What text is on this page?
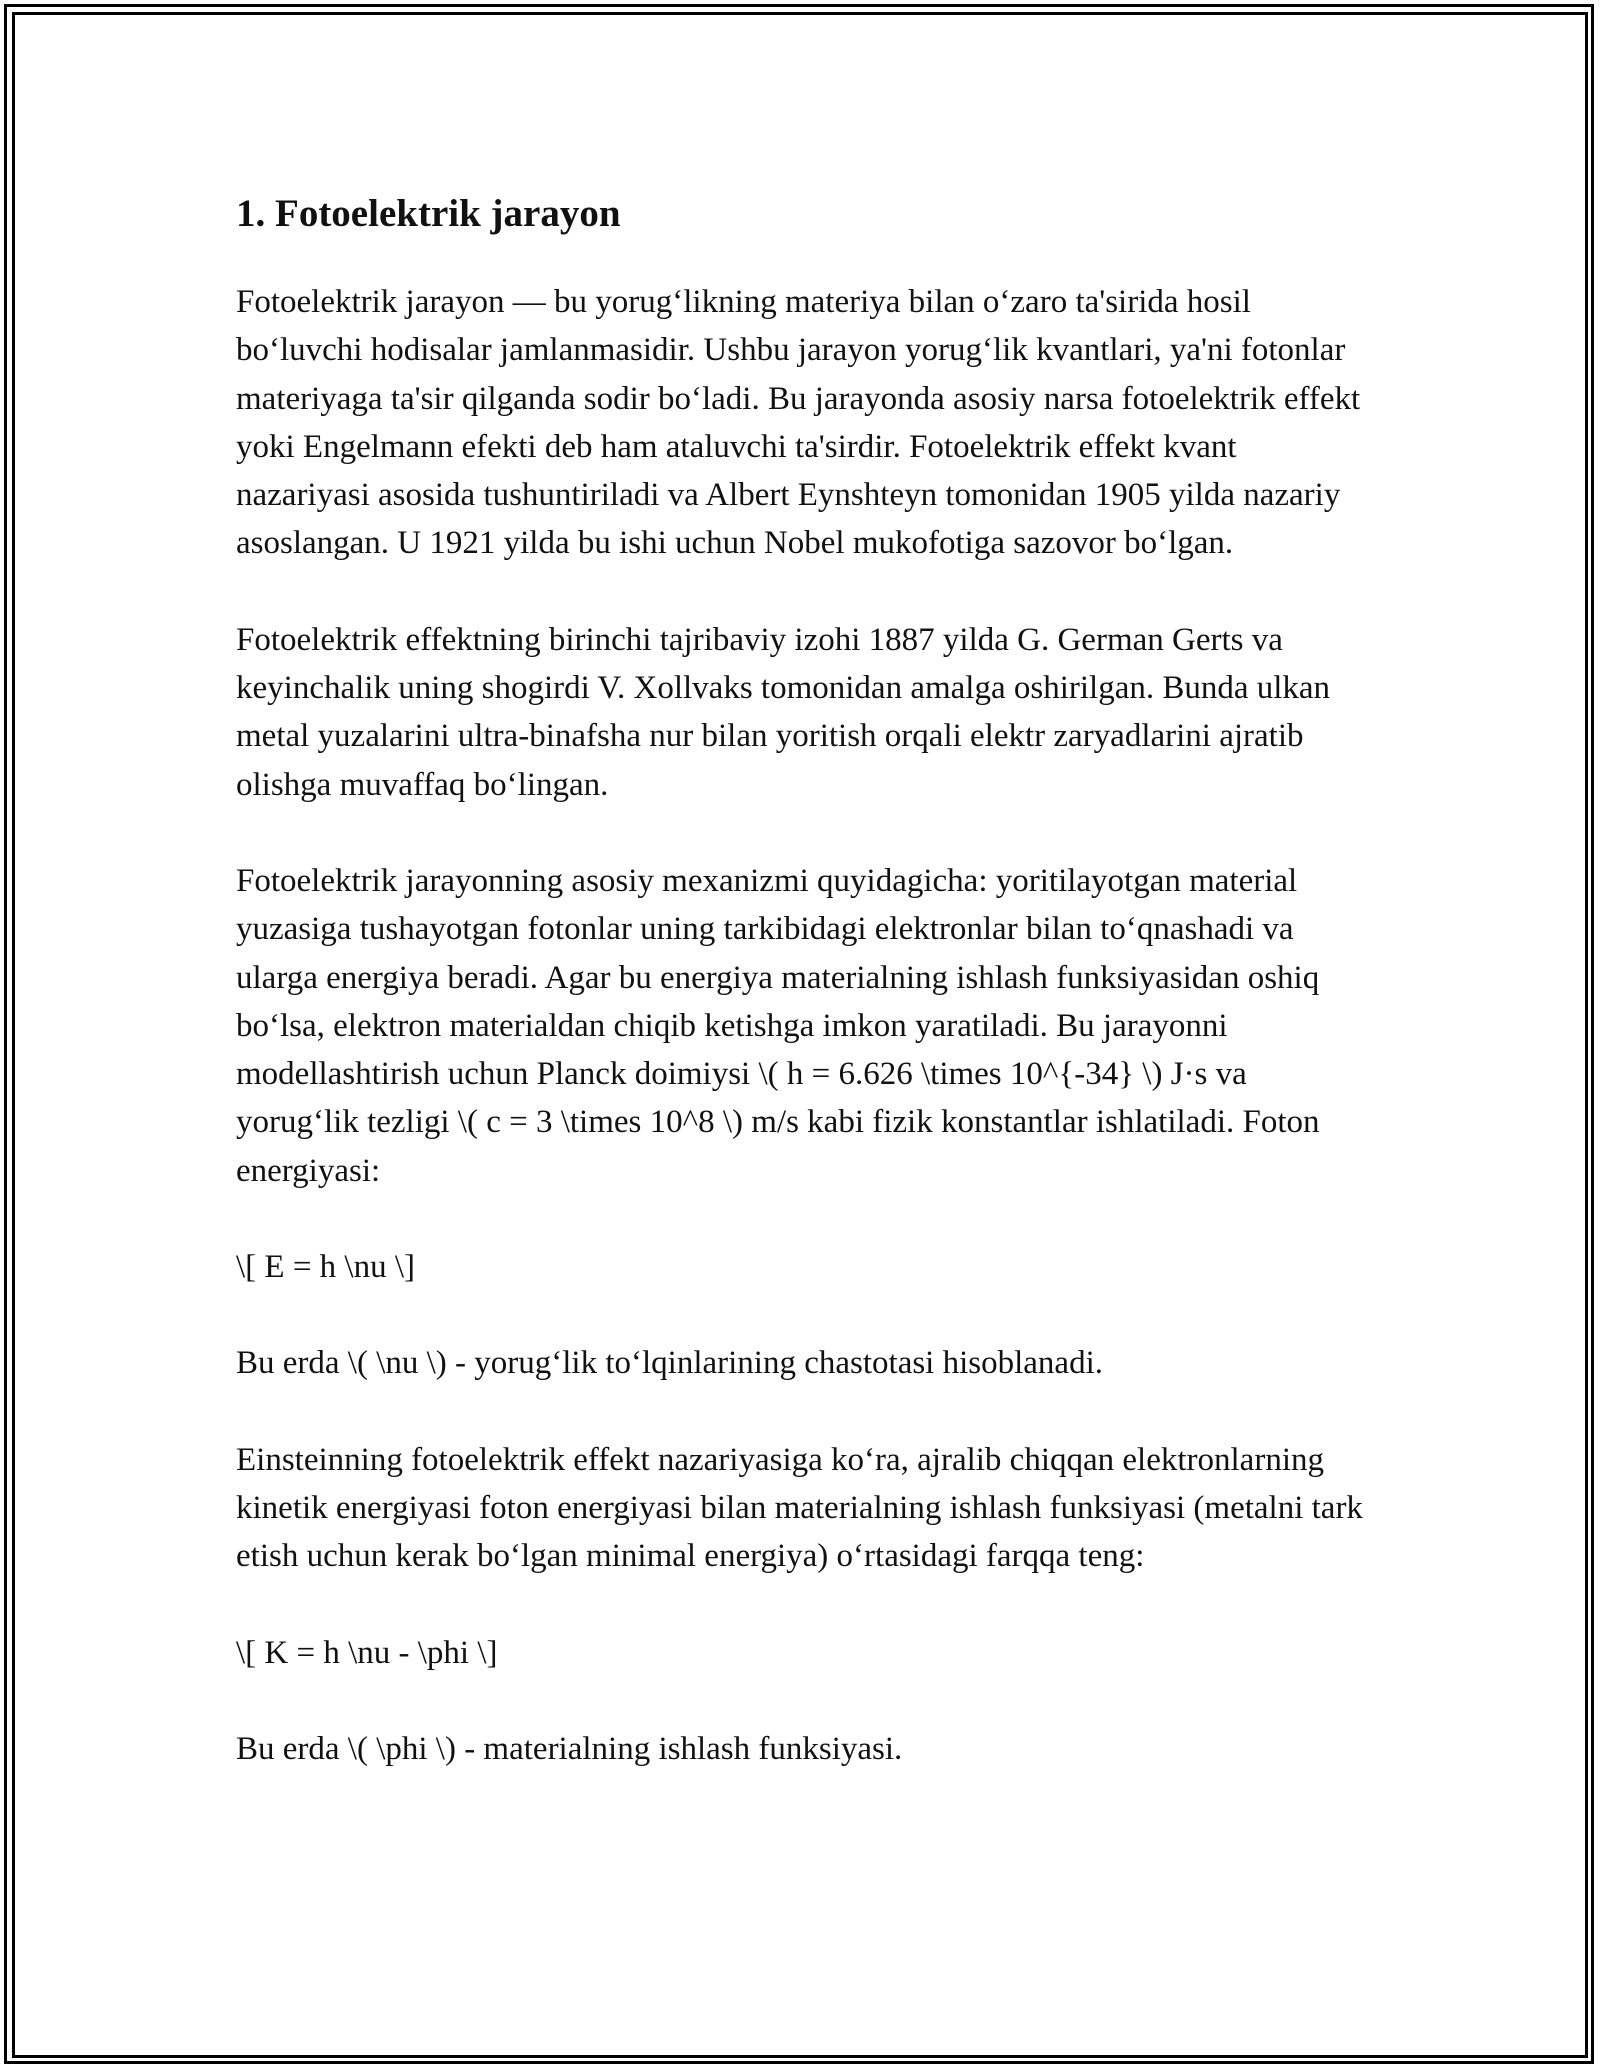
1. Fotoelektrik jarayon

Fotoelektrik jarayon — bu yorug‘likning materiya bilan o‘zaro ta'sirida hosil bo‘luvchi hodisalar jamlanmasidir. Ushbu jarayon yorug‘lik kvantlari, ya'ni fotonlar materiyaga ta'sir qilganda sodir bo‘ladi. Bu jarayonda asosiy narsa fotoelektrik effekt yoki Engelmann efekti deb ham ataluvchi ta'sirdir. Fotoelektrik effekt kvant nazariyasi asosida tushuntiriladi va Albert Eynshteyn tomonidan 1905 yilda nazariy asoslangan. U 1921 yilda bu ishi uchun Nobel mukofotiga sazovor bo‘lgan.

Fotoelektrik effektning birinchi tajribaviy izohi 1887 yilda G. German Gerts va keyinchalik uning shogirdi V. Xollvaks tomonidan amalga oshirilgan. Bunda ulkan metal yuzalarini ultra-binafsha nur bilan yoritish orqali elektr zaryadlarini ajratib olishga muvaffaq bo‘lingan.

Fotoelektrik jarayonning asosiy mexanizmi quyidagicha: yoritilayotgan material yuzasiga tushayotgan fotonlar uning tarkibidagi elektronlar bilan to‘qnashadi va ularga energiya beradi. Agar bu energiya materialning ishlash funksiyasidan oshiq bo‘lsa, elektron materialdan chiqib ketishga imkon yaratiladi. Bu jarayonni modellashtirish uchun Planck doimiysi \( h = 6.626 \times 10^{-34} \) J·s va yorug‘lik tezligi \( c = 3 \times 10^8 \) m/s kabi fizik konstantlar ishlatiladi. Foton energiyasi:

\[ E = h \nu \]

Bu erda \( \nu \) - yorug‘lik to‘lqinlarining chastotasi hisoblanadi.

Einsteinning fotoelektrik effekt nazariyasiga ko‘ra, ajralib chiqqan elektronlarning kinetik energiyasi foton energiyasi bilan materialning ishlash funksiyasi (metalni tark etish uchun kerak bo‘lgan minimal energiya) o‘rtasidagi farqqa teng:

\[ K = h \nu - \phi \]

Bu erda \( \phi \) - materialning ishlash funksiyasi.
